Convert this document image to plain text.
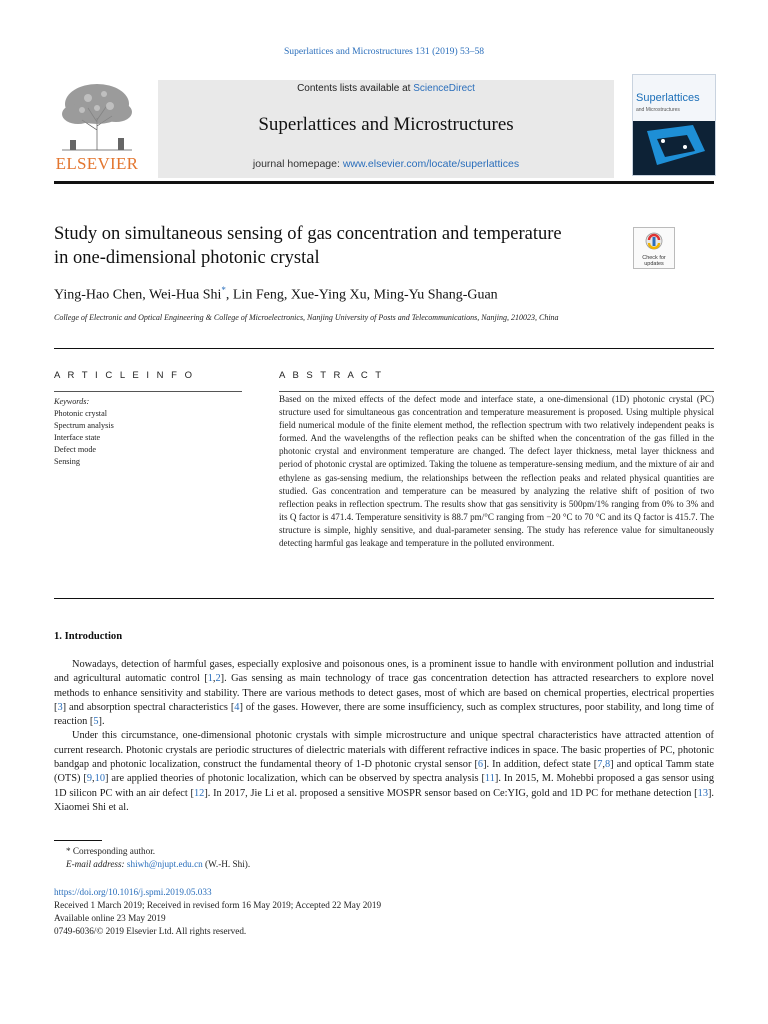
Superlattices and Microstructures 131 (2019) 53–58
ELSEVIER
Contents lists available at ScienceDirect
Superlattices and Microstructures
journal homepage: www.elsevier.com/locate/superlattices
Superlattices
and Microstructures
Study on simultaneous sensing of gas concentration and temperature in one-dimensional photonic crystal	Check for updates
Ying-Hao Chen, Wei-Hua Shi*, Lin Feng, Xue-Ying Xu, Ming-Yu Shang-Guan
College of Electronic and Optical Engineering & College of Microelectronics, Nanjing University of Posts and Telecommunications, Nanjing, 210023, China
A R T I C L E I N F O
Keywords:
Photonic crystal
Spectrum analysis
Interface state
Defect mode
Sensing
A B S T R A C T
Based on the mixed effects of the defect mode and interface state, a one-dimensional (1D) photonic crystal (PC) structure used for simultaneous gas concentration and temperature measurement is proposed. Using multiple physical field numerical module of the finite element method, the reflection spectrum with two relatively independent peaks is formed. And the wavelengths of the reflection peaks can be shifted when the concentration of the gas filled in the photonic crystal and environment temperature are changed. The defect layer thickness, metal layer thickness and period of photonic crystal are optimized. Taking the toluene as temperature-sensing medium, and the mixture of air and ethylene as gas-sensing medium, the relationships between the reflection peaks and related physical quantities are studied. Gas concentration and temperature can be measured by analyzing the relative shift of position of two reflection peaks in reflection spectrum. The results show that gas sensitivity is 500pm/1% ranging from 0% to 3% and its Q factor is 471.4. Temperature sensitivity is 88.7 pm/°C ranging from −20 °C to 70 °C and its Q factor is 415.7. The structure is simple, highly sensitive, and dual-parameter sensing. The study has reference value for simultaneously detecting harmful gas leakage and temperature in the polluted environment.
1. Introduction

Nowadays, detection of harmful gases, especially explosive and poisonous ones, is a prominent issue to handle with environment pollution and industrial and agricultural automatic control [1,2]. Gas sensing as main technology of trace gas concentration detection has attracted researchers to explore novel methods to enhance sensitivity and stability. There are various methods to detect gases, most of which are based on chemical properties, electrical properties [3] and absorption spectral characteristics [4] of the gases. However, there are some insufficiency, such as complex structures, poor stability, and long time of reaction [5].

Under this circumstance, one-dimensional photonic crystals with simple microstructure and unique spectral characteristics have attracted attention of current research. Photonic crystals are periodic structures of dielectric materials with different refractive indices in space. The basic properties of PC, photonic bandgap and photonic localization, construct the fundamental theory of 1-D photonic crystal sensor [6]. In addition, defect state [7,8] and optical Tamm state (OTS) [9,10] are applied theories of photonic localization, which can be observed by spectra analysis [11]. In 2015, M. Mohebbi proposed a gas sensor using 1D silicon PC with an air defect [12]. In 2017, Jie Li et al. proposed a sensitive MOSPR sensor based on Ce:YIG, gold and 1D PC for methane detection [13]. Xiaomei Shi et al.

* Corresponding author.
E-mail address: shiwh@njupt.edu.cn (W.-H. Shi).
https://doi.org/10.1016/j.spmi.2019.05.033
Received 1 March 2019; Received in revised form 16 May 2019; Accepted 22 May 2019
Available online 23 May 2019
0749-6036/© 2019 Elsevier Ltd. All rights reserved.
